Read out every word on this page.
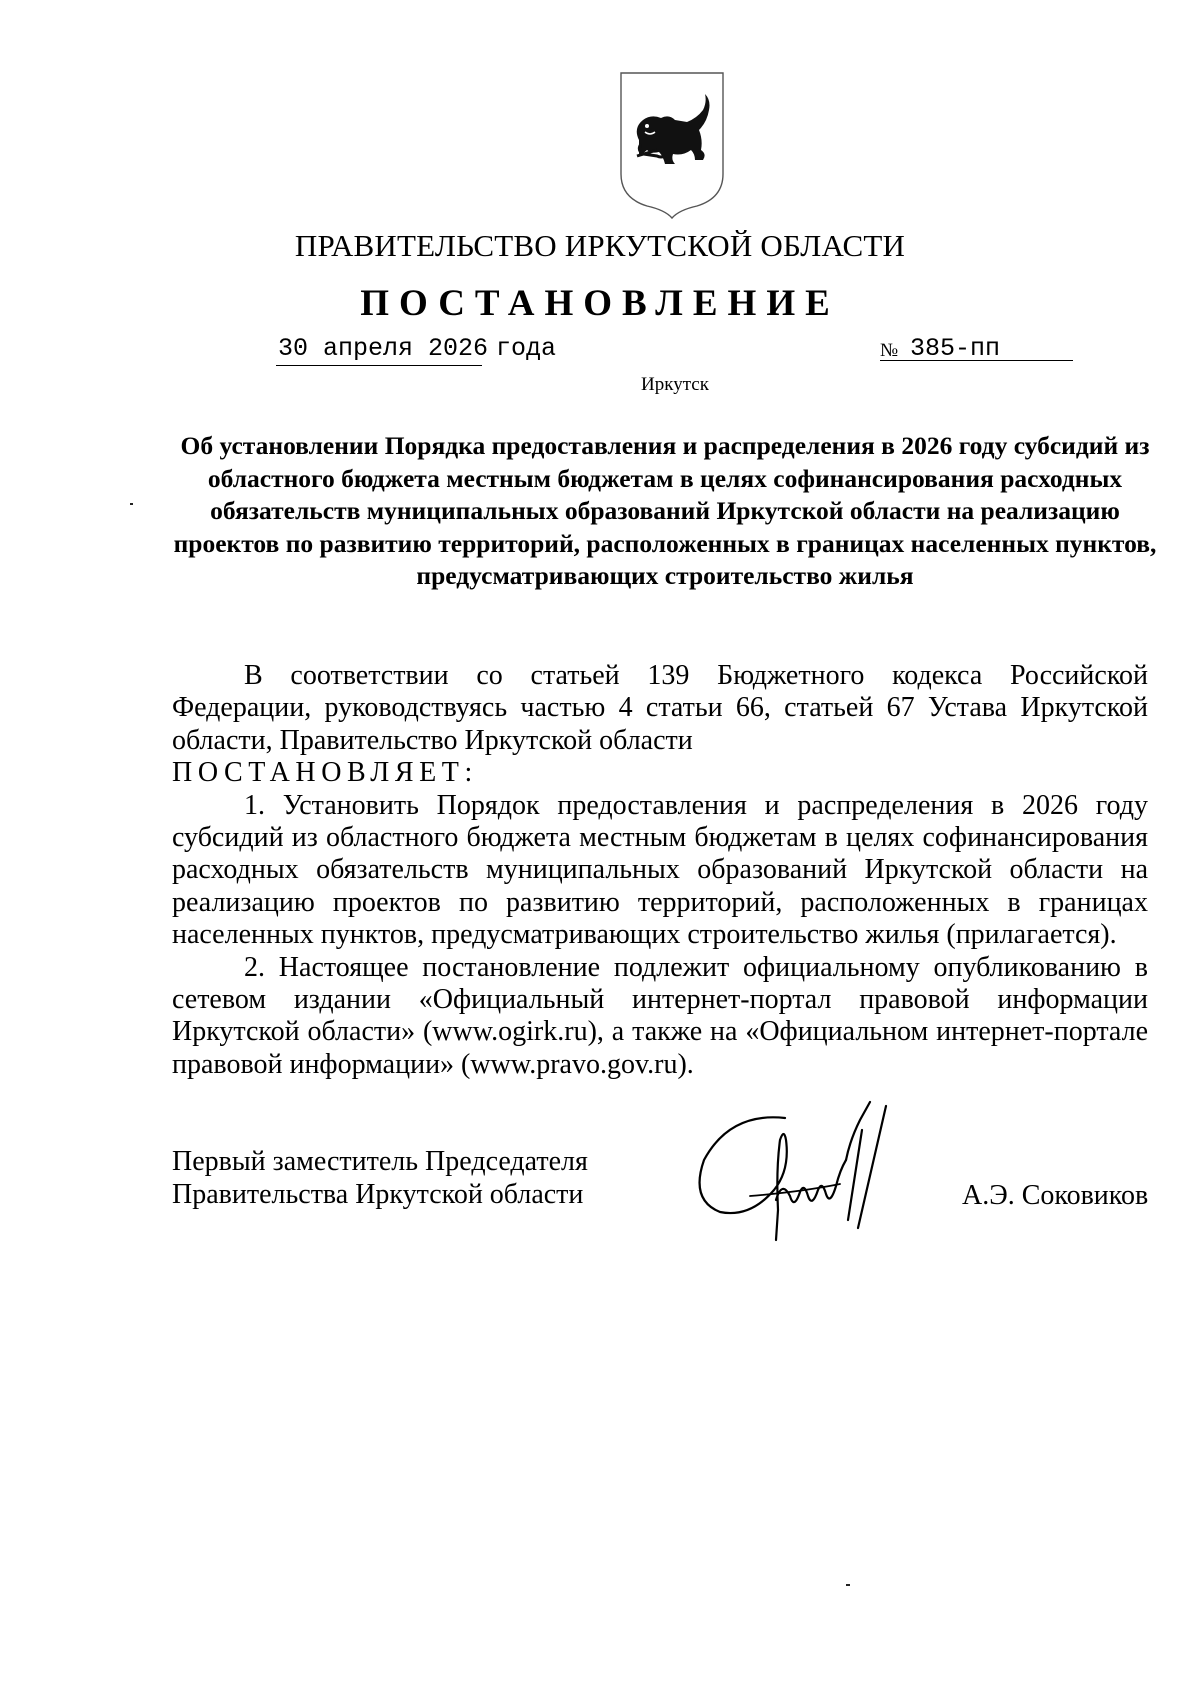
ПРАВИТЕЛЬСТВО ИРКУТСКОЙ ОБЛАСТИ
ПОСТАНОВЛЕНИЕ
30 апреля 2026 года	№ 385-пп
Иркутск
Об установлении Порядка предоставления и распределения в 2026 году субсидий из областного бюджета местным бюджетам в целях софинансирования расходных обязательств муниципальных образований Иркутской области на реализацию проектов по развитию территорий, расположенных в границах населенных пунктов, предусматривающих строительство жилья

В соответствии со статьей 139 Бюджетного кодекса Российской Федерации, руководствуясь частью 4 статьи 66, статьей 67 Устава Иркутской области, Правительство Иркутской области

ПОСТАНОВЛЯЕТ:

1. Установить Порядок предоставления и распределения в 2026 году субсидий из областного бюджета местным бюджетам в целях софинансирования расходных обязательств муниципальных образований Иркутской области на реализацию проектов по развитию территорий, расположенных в границах населенных пунктов, предусматривающих строительство жилья (прилагается).

2. Настоящее постановление подлежит официальному опубликованию в сетевом издании «Официальный интернет-портал правовой информации Иркутской области» (www.ogirk.ru), а также на «Официальном интернет-портале правовой информации» (www.pravo.gov.ru).

Первый заместитель Председателя
Правительства Иркутской области	А.Э. Соковиков
